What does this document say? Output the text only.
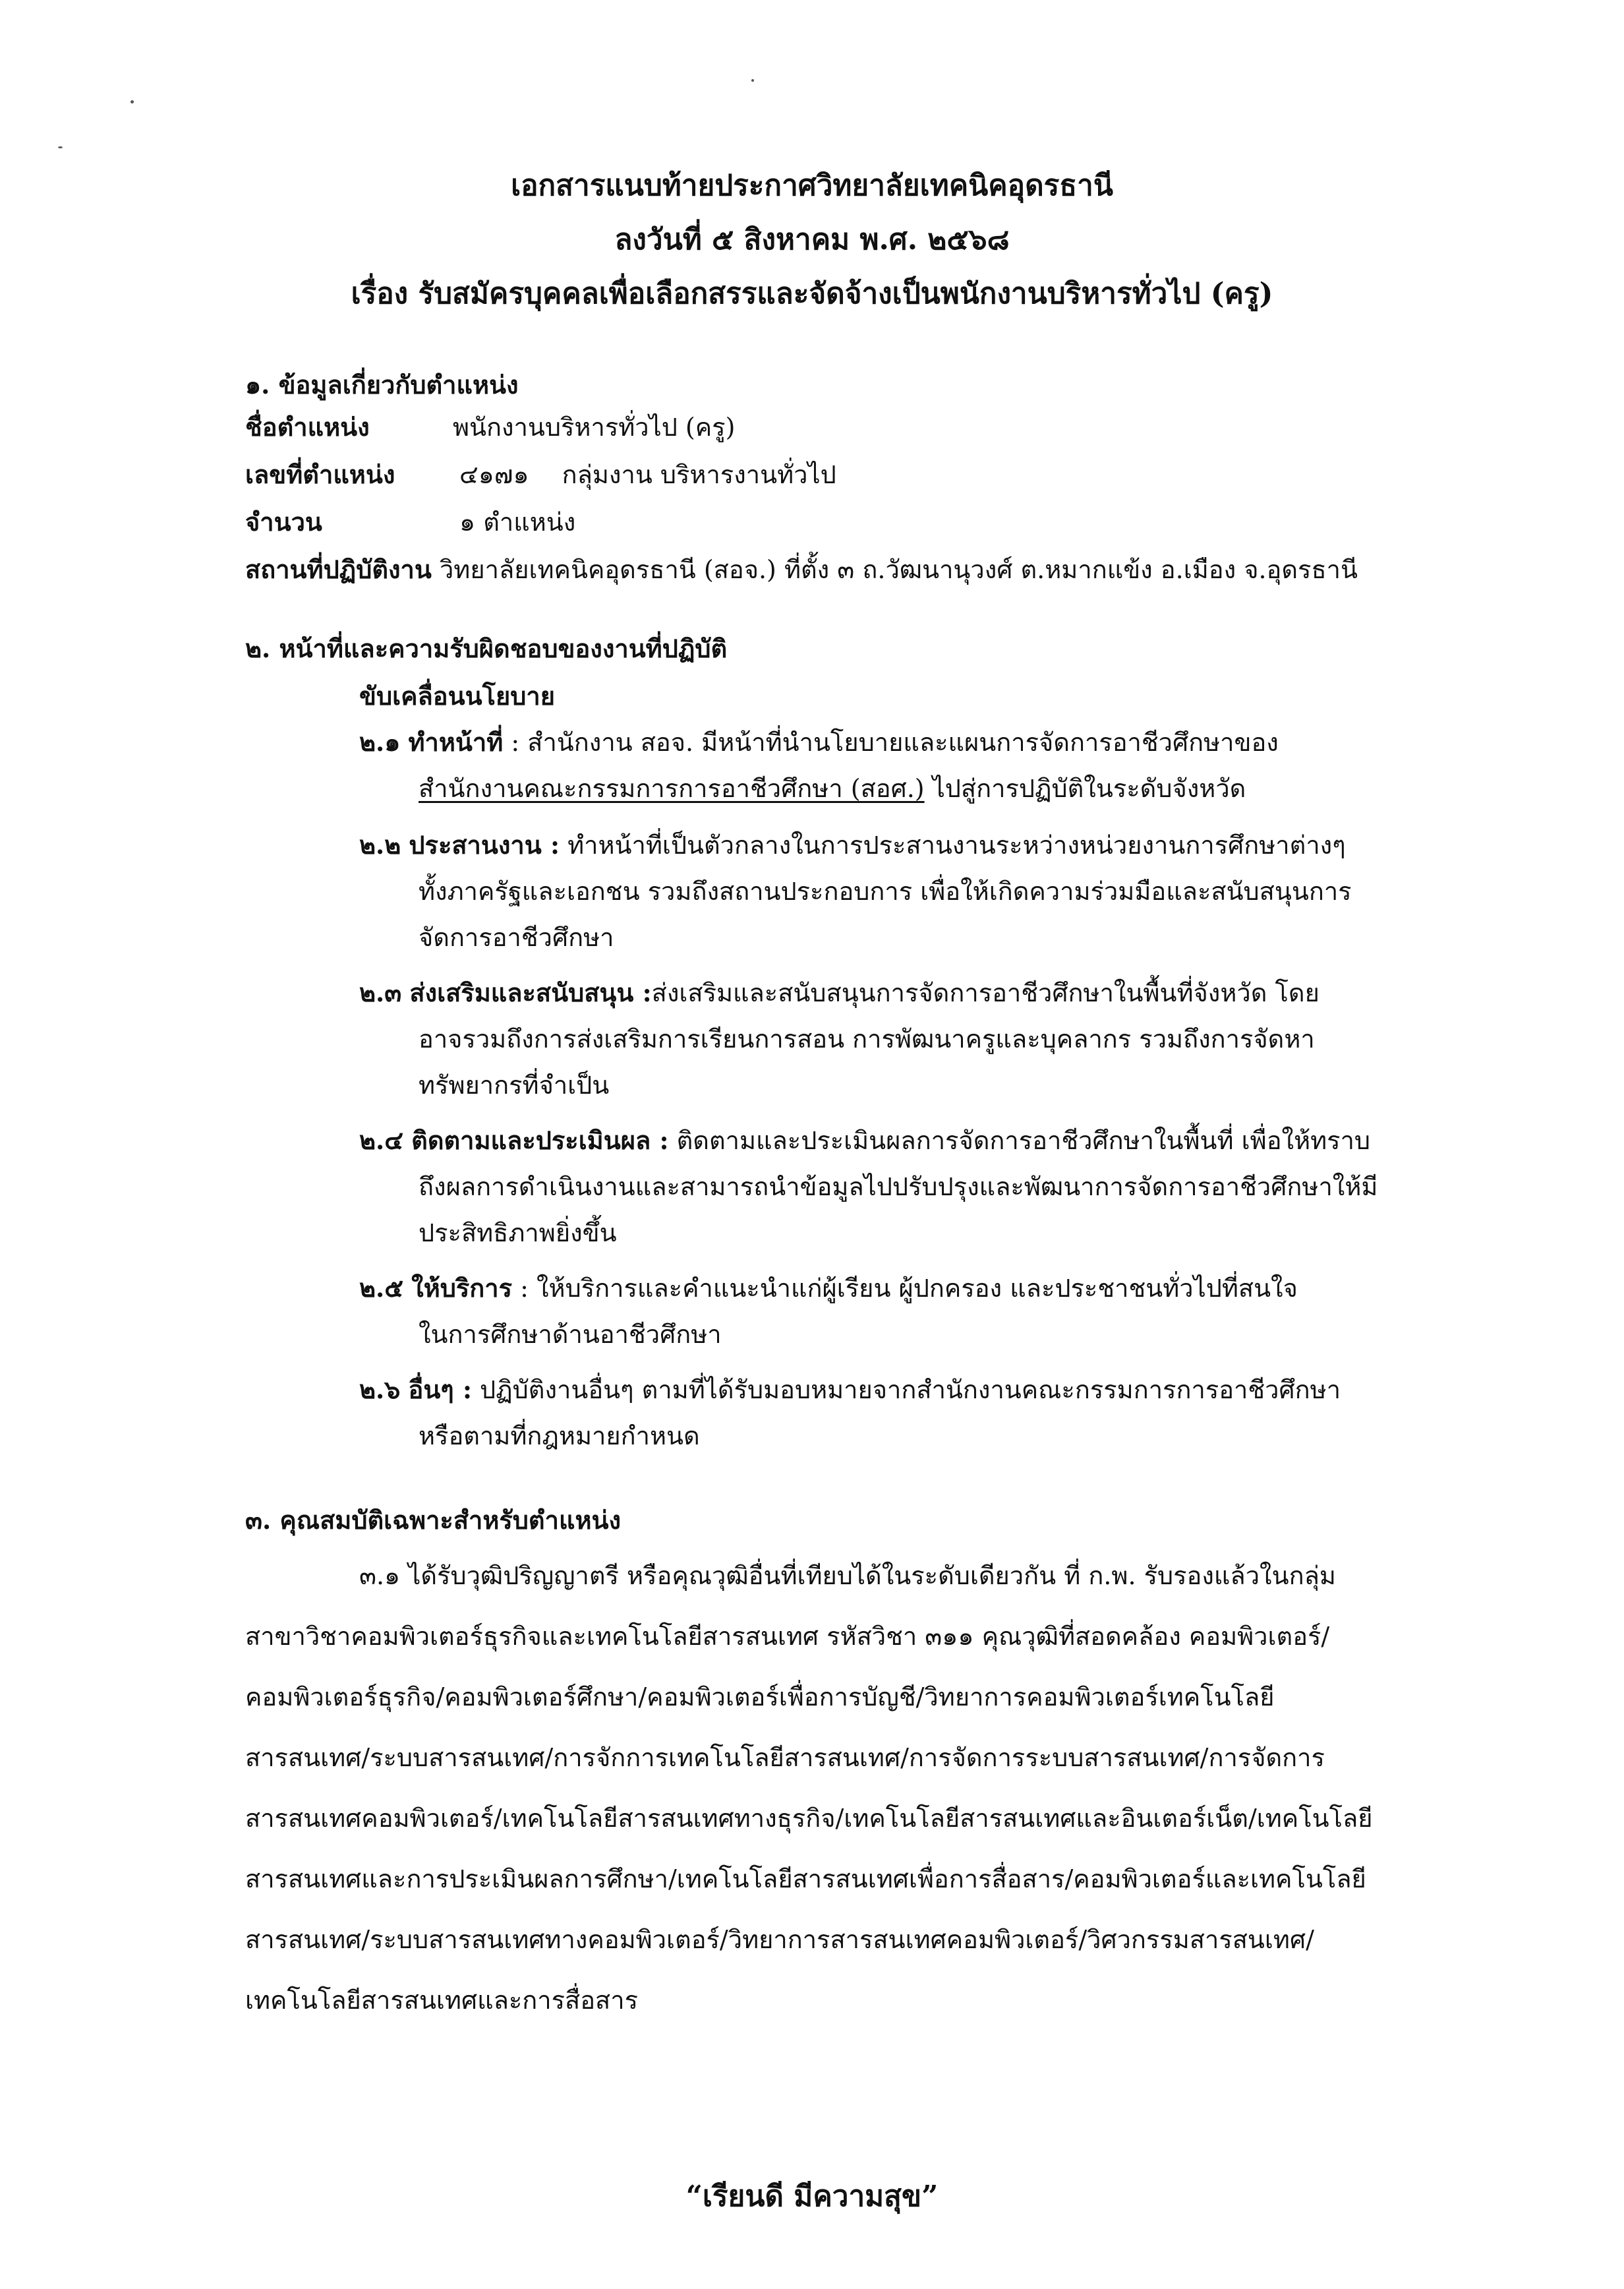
เอกสารแนบท้ายประกาศวิทยาลัยเทคนิคอุดรธานี
ลงวันที่ ๕ สิงหาคม พ.ศ. ๒๕๖๘
เรื่อง รับสมัครบุคคลเพื่อเลือกสรรและจัดจ้างเป็นพนักงานบริหารทั่วไป (ครู)
๑. ข้อมูลเกี่ยวกับตำแหน่ง
ชื่อตำแหน่ง	พนักงานบริหารทั่วไป (ครู)
เลขที่ตำแหน่ง	๔๑๗๑ กลุ่มงาน บริหารงานทั่วไป
จำนวน	๑ ตำแหน่ง
สถานที่ปฏิบัติงาน วิทยาลัยเทคนิคอุดรธานี (สอจ.) ที่ตั้ง ๓ ถ.วัฒนานุวงศ์ ต.หมากแข้ง อ.เมือง จ.อุดรธานี
๒. หน้าที่และความรับผิดชอบของงานที่ปฏิบัติ
ขับเคลื่อนนโยบาย
๒.๑ ทำหน้าที่ : สำนักงาน สอจ. มีหน้าที่นำนโยบายและแผนการจัดการอาชีวศึกษาของ
สำนักงานคณะกรรมการการอาชีวศึกษา (สอศ.) ไปสู่การปฏิบัติในระดับจังหวัด
๒.๒ ประสานงาน : ทำหน้าที่เป็นตัวกลางในการประสานงานระหว่างหน่วยงานการศึกษาต่างๆ
ทั้งภาครัฐและเอกชน รวมถึงสถานประกอบการ เพื่อให้เกิดความร่วมมือและสนับสนุนการ
จัดการอาชีวศึกษา
๒.๓ ส่งเสริมและสนับสนุน :ส่งเสริมและสนับสนุนการจัดการอาชีวศึกษาในพื้นที่จังหวัด โดย
อาจรวมถึงการส่งเสริมการเรียนการสอน การพัฒนาครูและบุคลากร รวมถึงการจัดหา
ทรัพยากรที่จำเป็น
๒.๔ ติดตามและประเมินผล : ติดตามและประเมินผลการจัดการอาชีวศึกษาในพื้นที่ เพื่อให้ทราบ
ถึงผลการดำเนินงานและสามารถนำข้อมูลไปปรับปรุงและพัฒนาการจัดการอาชีวศึกษาให้มี
ประสิทธิภาพยิ่งขึ้น
๒.๕ ให้บริการ : ให้บริการและคำแนะนำแก่ผู้เรียน ผู้ปกครอง และประชาชนทั่วไปที่สนใจ
ในการศึกษาด้านอาชีวศึกษา
๒.๖ อื่นๆ : ปฏิบัติงานอื่นๆ ตามที่ได้รับมอบหมายจากสำนักงานคณะกรรมการการอาชีวศึกษา
หรือตามที่กฎหมายกำหนด
๓. คุณสมบัติเฉพาะสำหรับตำแหน่ง
๓.๑ ได้รับวุฒิปริญญาตรี หรือคุณวุฒิอื่นที่เทียบได้ในระดับเดียวกัน ที่ ก.พ. รับรองแล้วในกลุ่ม
สาขาวิชาคอมพิวเตอร์ธุรกิจและเทคโนโลยีสารสนเทศ รหัสวิชา ๓๑๑ คุณวุฒิที่สอดคล้อง คอมพิวเตอร์/
คอมพิวเตอร์ธุรกิจ/คอมพิวเตอร์ศึกษา/คอมพิวเตอร์เพื่อการบัญชี/วิทยาการคอมพิวเตอร์เทคโนโลยี
สารสนเทศ/ระบบสารสนเทศ/การจักการเทคโนโลยีสารสนเทศ/การจัดการระบบสารสนเทศ/การจัดการ
สารสนเทศคอมพิวเตอร์/เทคโนโลยีสารสนเทศทางธุรกิจ/เทคโนโลยีสารสนเทศและอินเตอร์เน็ต/เทคโนโลยี
สารสนเทศและการประเมินผลการศึกษา/เทคโนโลยีสารสนเทศเพื่อการสื่อสาร/คอมพิวเตอร์และเทคโนโลยี
สารสนเทศ/ระบบสารสนเทศทางคอมพิวเตอร์/วิทยาการสารสนเทศคอมพิวเตอร์/วิศวกรรมสารสนเทศ/
เทคโนโลยีสารสนเทศและการสื่อสาร
“เรียนดี มีความสุข”
